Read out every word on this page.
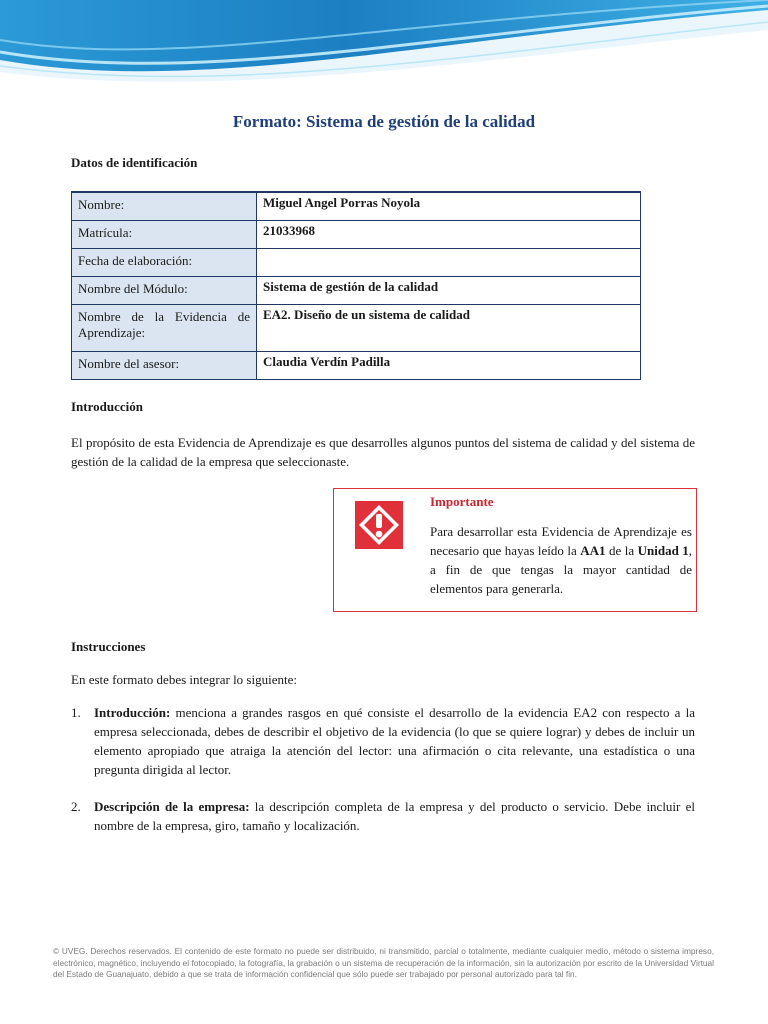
Formato: Sistema de gestión de la calidad
Datos de identificación
Nombre:	Miguel Angel Porras Noyola
Matrícula:	21033968
Fecha de elaboración:	
Nombre del Módulo:	Sistema de gestión de la calidad
Nombre de la Evidencia de Aprendizaje:	EA2. Diseño de un sistema de calidad
Nombre del asesor:	Claudia Verdín Padilla
Introducción
El propósito de esta Evidencia de Aprendizaje es que desarrolles algunos puntos del sistema de calidad y del sistema de gestión de la calidad de la empresa que seleccionaste.
Importante
Para desarrollar esta Evidencia de Aprendizaje es necesario que hayas leído la AA1 de la Unidad 1, a fin de que tengas la mayor cantidad de elementos para generarla.
Instrucciones
En este formato debes integrar lo siguiente:
1. Introducción: menciona a grandes rasgos en qué consiste el desarrollo de la evidencia EA2 con respecto a la empresa seleccionada, debes de describir el objetivo de la evidencia (lo que se quiere lograr) y debes de incluir un elemento apropiado que atraiga la atención del lector: una afirmación o cita relevante, una estadística o una pregunta dirigida al lector.
2. Descripción de la empresa: la descripción completa de la empresa y del producto o servicio. Debe incluir el nombre de la empresa, giro, tamaño y localización.
© UVEG. Derechos reservados. El contenido de este formato no puede ser distribuido, ni transmitido, parcial o totalmente, mediante cualquier medio, método o sistema impreso, electrónico, magnético, incluyendo el fotocopiado, la fotografía, la grabación o un sistema de recuperación de la información, sin la autorización por escrito de la Universidad Virtual del Estado de Guanajuato, debido a que se trata de información confidencial que sólo puede ser trabajado por personal autorizado para tal fin.
